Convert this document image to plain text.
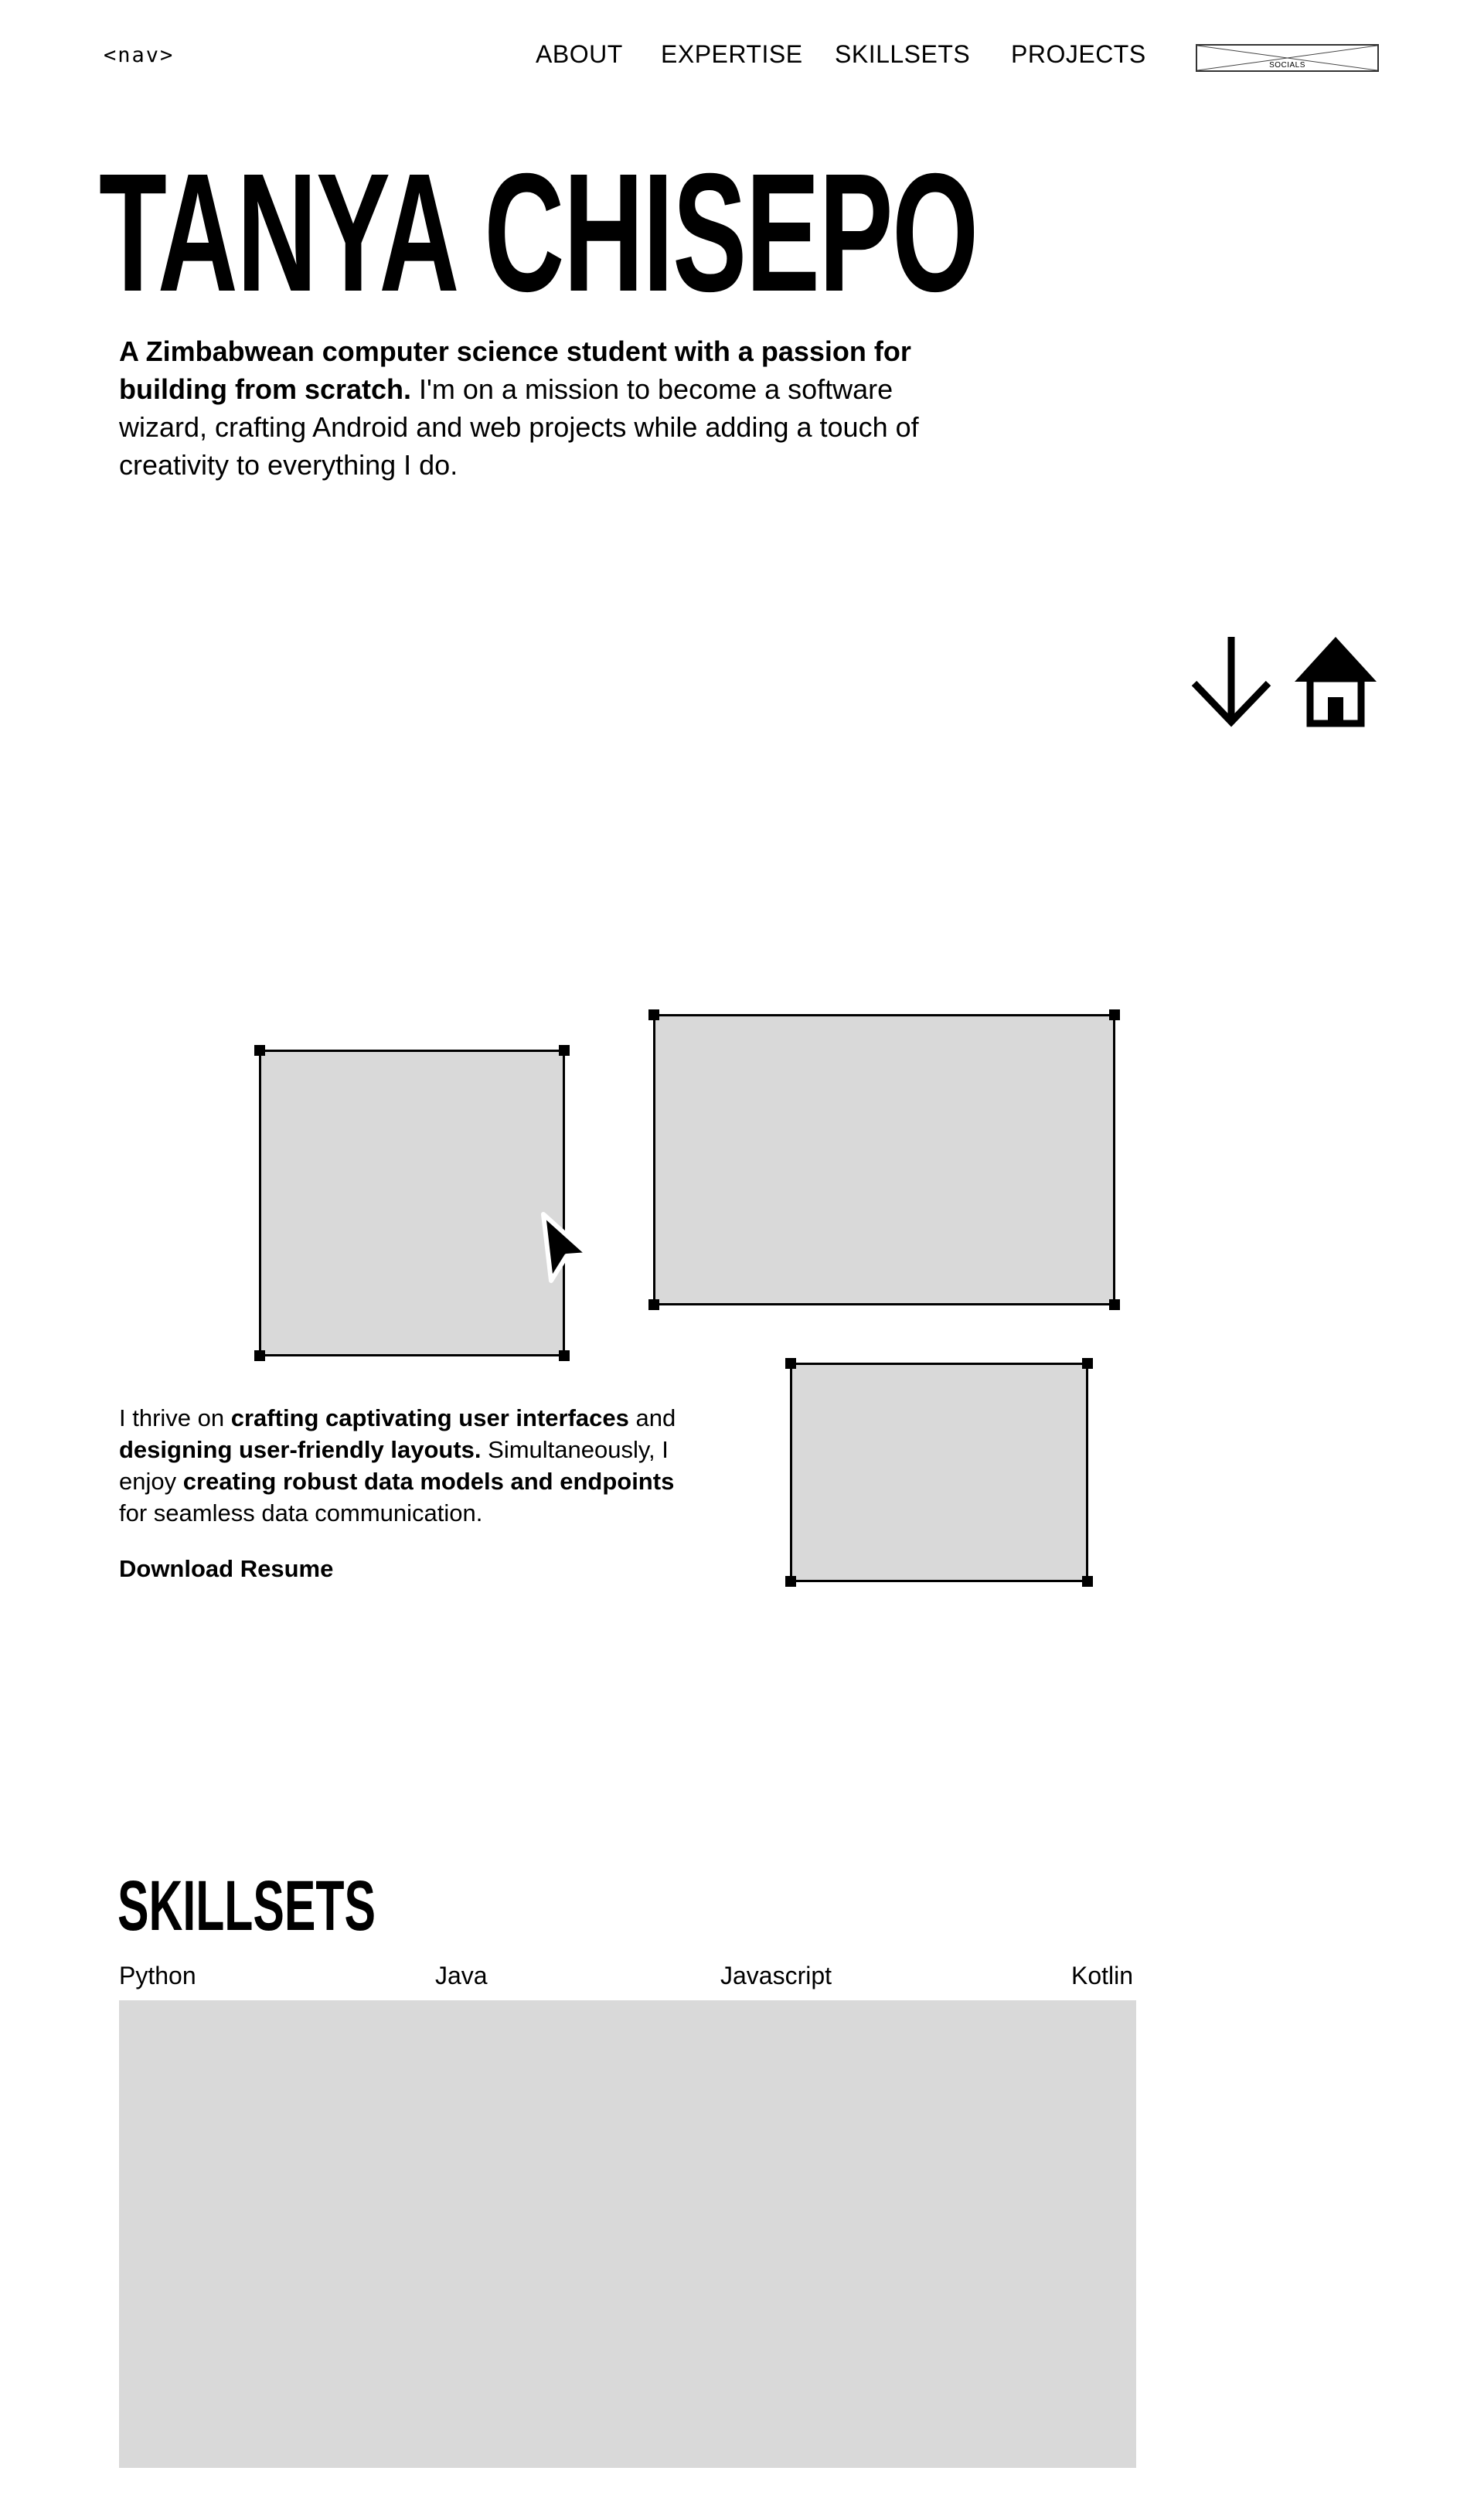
<nav>	ABOUT EXPERTISE SKILLSETS PROJECTS	SOCIALS
TANYA CHISEPO

A Zimbabwean computer science student with a passion for building from scratch. I'm on a mission to become a software wizard, crafting Android and web projects while adding a touch of creativity to everything I do.

I thrive on crafting captivating user interfaces and designing user-friendly layouts. Simultaneously, I enjoy creating robust data models and endpoints for seamless data communication.

Download Resume
SKILLSETS
Python	Java	Javascript	Kotlin
